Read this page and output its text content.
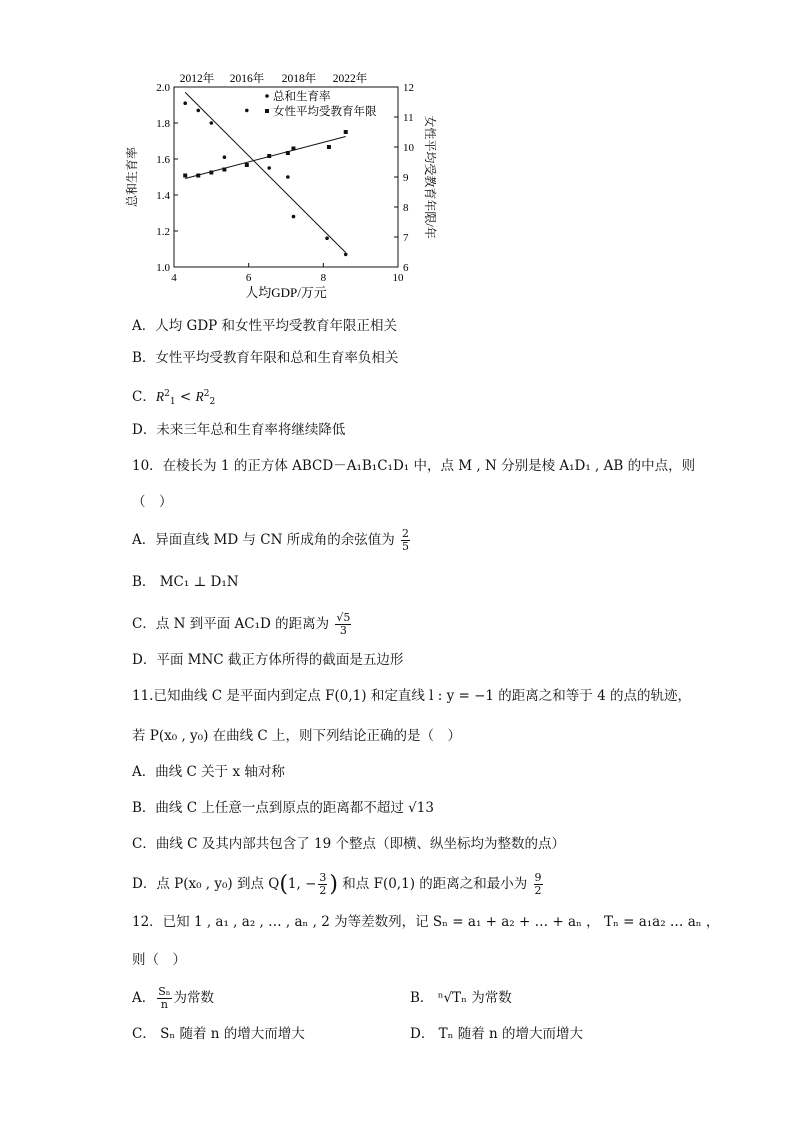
2012年 2016年 2018年 2022年
4	6	8	10
1.0
1.2
1.4
1.6
1.8
2.0
6
7
8
9
10
11
12
总和生育率
女性平均受教育年限
人均GDP/万元
总和生育率	女性平均受教育年限/年
A．人均 GDP 和女性平均受教育年限正相关
B．女性平均受教育年限和总和生育率负相关
C．$R^2_1 < R^2_2$
D．未来三年总和生育率将继续降低
10．在棱长为 1 的正方体 ABCD－A₁B₁C₁D₁ 中，点 M , N 分别是棱 A₁D₁ , AB 的中点，则
（　）
A．异面直线 MD 与 CN 所成角的余弦值为 $\frac{2}{5}$
B． MC₁ ⊥ D₁N
C．点 N 到平面 AC₁D 的距离为 $\frac{√5}{3}$
D．平面 MNC 截正方体所得的截面是五边形
11.已知曲线 C 是平面内到定点 F(0,1) 和定直线 l : y = −1 的距离之和等于 4 的点的轨迹，
若 P(x₀ , y₀) 在曲线 C 上，则下列结论正确的是（　）
A．曲线 C 关于 x 轴对称
B．曲线 C 上任意一点到原点的距离都不超过 √13
C．曲线 C 及其内部共包含了 19 个整点（即横、纵坐标均为整数的点）
D．点 P(x₀ , y₀) 到点 Q(1, − $\frac{3}{2}$ ) 和点 F(0,1) 的距离之和最小为 $\frac{9}{2}$
12．已知 1 , a₁ , a₂ , … , aₙ , 2 为等差数列，记 Sₙ = a₁ + a₂ + … + aₙ ， Tₙ = a₁a₂ … aₙ ，
则（　）
A． $\frac{\text{Sₙ}}{n}$ 为常数	B． ⁿ√Tₙ 为常数
C． Sₙ 随着 n 的增大而增大	D． Tₙ 随着 n 的增大而增大
